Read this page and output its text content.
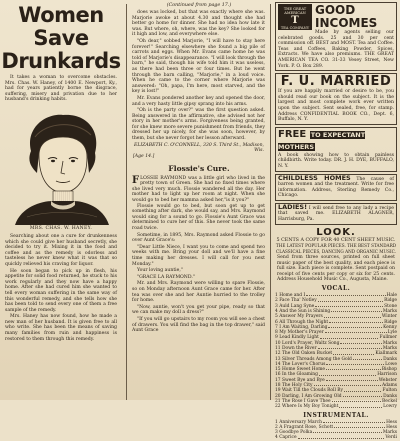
Women
Save
Drunkards

It takes a woman to overcome obstacles. Mrs. Chas. W. Haney, of 1400 E. Newport, Ky., had for years patiently borne the disgrace, suffering, misery and privation due to her husband's drinking habits.

MRS. CHAS. W. HANEY.

Searching about one a cure for drunkenness which she could give her husband secretly, she decided to try it. Mixing it in the food and coffee and as the remedy is odorless and tasteless he never knew what it was that so quickly relieved his craving for liquor.

He soon began to pick up in flesh, his appetite for solid food returned, he stuck to his work regularly and they now have a happy home. After she had cured him she wanted to tell every woman suffering in the same way of this wonderful remedy, and she tells how she has been told to send every one of them a free sample of the remedy.

Mrs. Haney has now found, how he made a new man of her husband. It is given free to all who write. She has been the means of saving many families from ruin and happiness is restored to them through this remedy.

(Continued from page 17.)

does was locked, but that was exactly where she was. Marjorie awoke at about 4.30 and thought she had better go home for dinner. She had no idea how late it was. But where, oh, where, was the key? She looked for it high and low, and everywhere else.

"Oh dear," sobbed Marjorie, "I will have to stay here forever!" Searching elsewhere she found a big pile of carrots and eggs. When Mr. Evans came home he was told of Marjorie's disappearance. "I will look through the barn," he said, though his wife told him it was useless, as there had been three or four times. But he went through the barn calling, "Marjorie," in a loud voice. When he came to the corner where Marjorie was answered: "Oh, papa, I'm here, most starved, and the key is lost!"

Mr. Evans pondered another key and opened the door, and a very hasty little gipsy sprang into his arms.

"Oh is the party over?" was the first question asked. Being answered in the affirmative, she advised not her story in her mother's arms. Forgiveness being granted, for she knew more severe punishment from friends, they dressed her up nicely, for she was soon, however, by them, but she never forgot her lesson afterward.

ELIZABETH C. O'CONNELL, 330 S. Third St., Madison, Wis.
[Age 14.]
Flossie's Cure.
FLOSSIE RAYMOND was a little girl who lived in the pretty town of Green. She had no fixed times where she lived very much. Flossie wandered all the day. Her mother had to light up her room at night. When she would go to bed her mamma asked her,"is it you?"

Flossie would go to bed, but soon get up to get something after dark, she would say, and Mrs. Raymond would sing for a sound to go. Flossie's Aunt Grace was determined to cure her of this. She never took the same road twice.

Sometime, in 1895, Mrs. Raymond asked Flossie to go over Aunt Grace's:

"Dear Little Niece, I want you to come and spend two weeks with me. Bring your doll and we'll have a fine time making her dresses. I will call for you next Monday."

Your loving auntie,"

"GRACE LA RAYMOND."

Mr. and Mrs. Raymond were willing to spare Flossie, so on Monday afternoon Aunt Grace came for her. After tea was over she and her Auntie hurried to the trolley for home.

"Now, auntie, won't you get your pipe, ready so that we can make my doll a dress?"

"If you will go upstairs to my room you will see a chest of drawers. You will find the bag in the top drawer," said Aunt Grace

THE GREAT AMERICAN
T
TEA COMPANY
GOOD INCOMES
Made by agents selling our celebrated goods. 25 and 30 per cent commission off. BEST and MOST. Tea and Coffee. Teas and Coffees, Baking Powder, Spices, Extracts. We have also premiums. THE GREAT AMERICAN TEA CO. 31-33 Vesey Street, New York. P. O. Box 289.
F. U. MARRIED
If you are happily married or desire to be, you should read our book on the subject. It is the largest and most complete work ever written upon the subject. Sent sealed, free, for stamp. Address CONFIDENTIAL BOOK CO., Dept. 6, Buffalo, N. Y.
FREE TO EXPECTANT MOTHERS
A book showing how to obtain painless childbirth. Write today. DR. J. H. DYE, BUFFALO, N. Y.
CHILDLESS HOMES The cause of barren women and the treatment. Write for free information. Address, Sterling Remedy Co., Chicago.
LADIES! I will send free to any lady a recipe that saved me. ELIZABETH ALAGNER, Harrisburg, Pa.
LOOK.
5 CENTS A COPY FOR 40 CENT SHEET MUSIC.
THE LATEST POPULAR PIECES. THE BEST STANDARD CLASSICAL PIECES, DANCING AND ORGANIC MUSIC.
Send from three sources, printed on full sheet music paper of the best quality, and each piece is full size. Each piece is complete. Sent postpaid on receipt of five cents per copy or six for 25 cents. Address Household Music Co., Augusta, Maine.
VOCAL.
1 Home and I	Hale
2 Face Tha' Notley	Ridge
3 Auld Lang Syne	Stone
4 And the Sun is Shining	Marks
5 Answer My Prayers	Winter
6 All Through the Night	Ridge
7 I Am Waiting, Darling	Kenny
8 My Mother's Prayer	Lyle
9 Lead Kindly Light	Fullmer
10 Lord's Prayer, Waltz Song	Marks
11 Down the River	Marks
12 The Old Oaken Bucket	Kiallmark
13 Silver Threads Among the Gold	Danks
14 The Lover's Chorus	Lowe
15 Home Sweet Home	Bishop
16 In the Gloaming	Harrison
17 Sweet Bye and Bye	Webster
18 The Holy City	Adams
19 Wait Till the Clouds Roll By	Fulton
20 Darling, I Am Growing Old	Danks
21 The Rose I Gave Thee	Beckel
22 Where Is My Boy Tonight	Lowry
INSTRUMENTAL.
1 Anniversary March	Hess
2 A Fragrant Rose, Schott	Hess
3 Goodbye Polka	Marks
4 Caprice	Verdi
